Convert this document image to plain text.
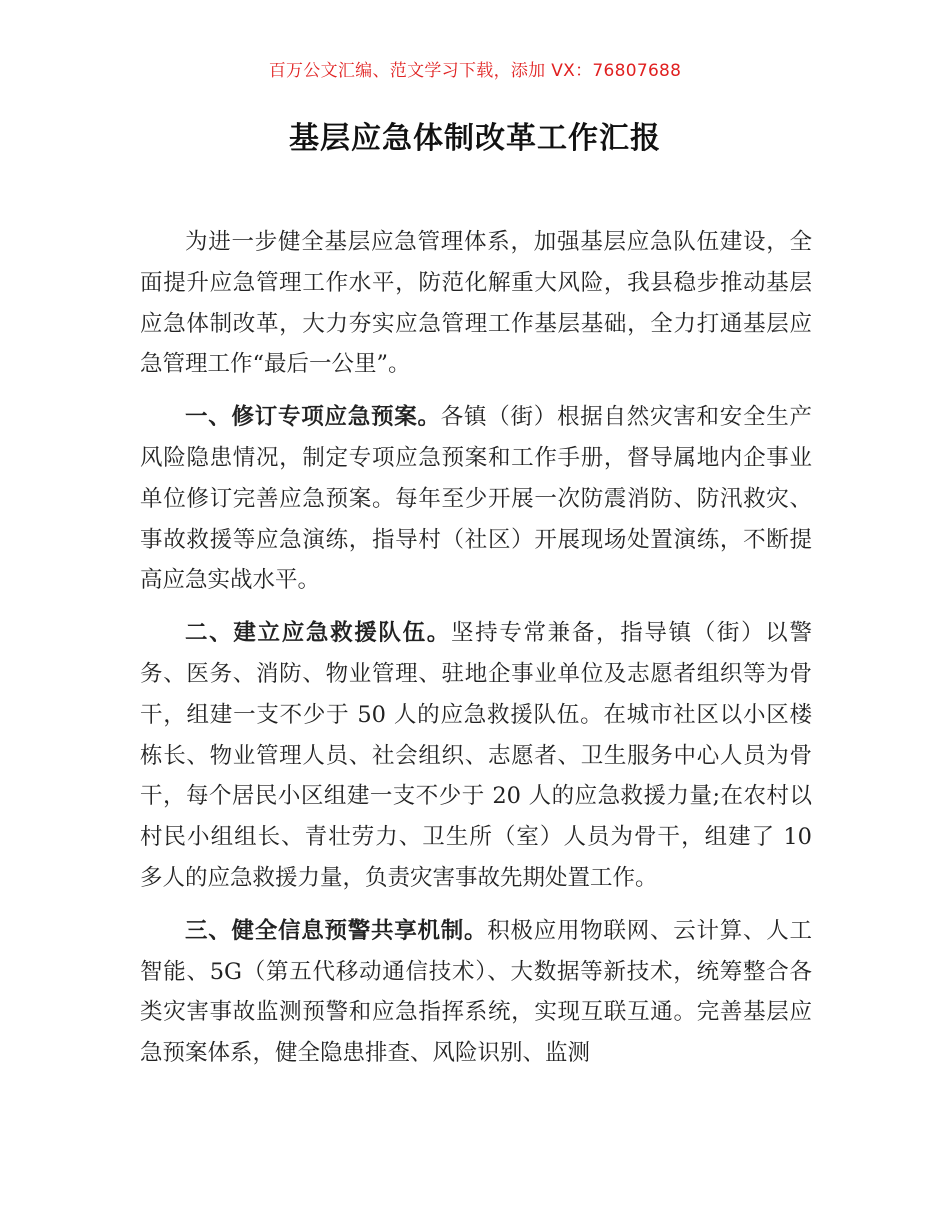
百万公文汇编、范文学习下载，添加 VX：76807688
基层应急体制改革工作汇报

为进一步健全基层应急管理体系，加强基层应急队伍建设，全面提升应急管理工作水平，防范化解重大风险，我县稳步推动基层应急体制改革，大力夯实应急管理工作基层基础，全力打通基层应急管理工作“最后一公里”。

一、修订专项应急预案。各镇（街）根据自然灾害和安全生产风险隐患情况，制定专项应急预案和工作手册，督导属地内企事业单位修订完善应急预案。每年至少开展一次防震消防、防汛救灾、事故救援等应急演练，指导村（社区）开展现场处置演练，不断提高应急实战水平。

二、建立应急救援队伍。坚持专常兼备，指导镇（街）以警务、医务、消防、物业管理、驻地企事业单位及志愿者组织等为骨干，组建一支不少于 50 人的应急救援队伍。在城市社区以小区楼栋长、物业管理人员、社会组织、志愿者、卫生服务中心人员为骨干，每个居民小区组建一支不少于 20 人的应急救援力量;在农村以村民小组组长、青壮劳力、卫生所（室）人员为骨干，组建了 10 多人的应急救援力量，负责灾害事故先期处置工作。

三、健全信息预警共享机制。积极应用物联网、云计算、人工智能、5G（第五代移动通信技术）、大数据等新技术，统筹整合各类灾害事故监测预警和应急指挥系统，实现互联互通。完善基层应急预案体系，健全隐患排查、风险识别、监测
